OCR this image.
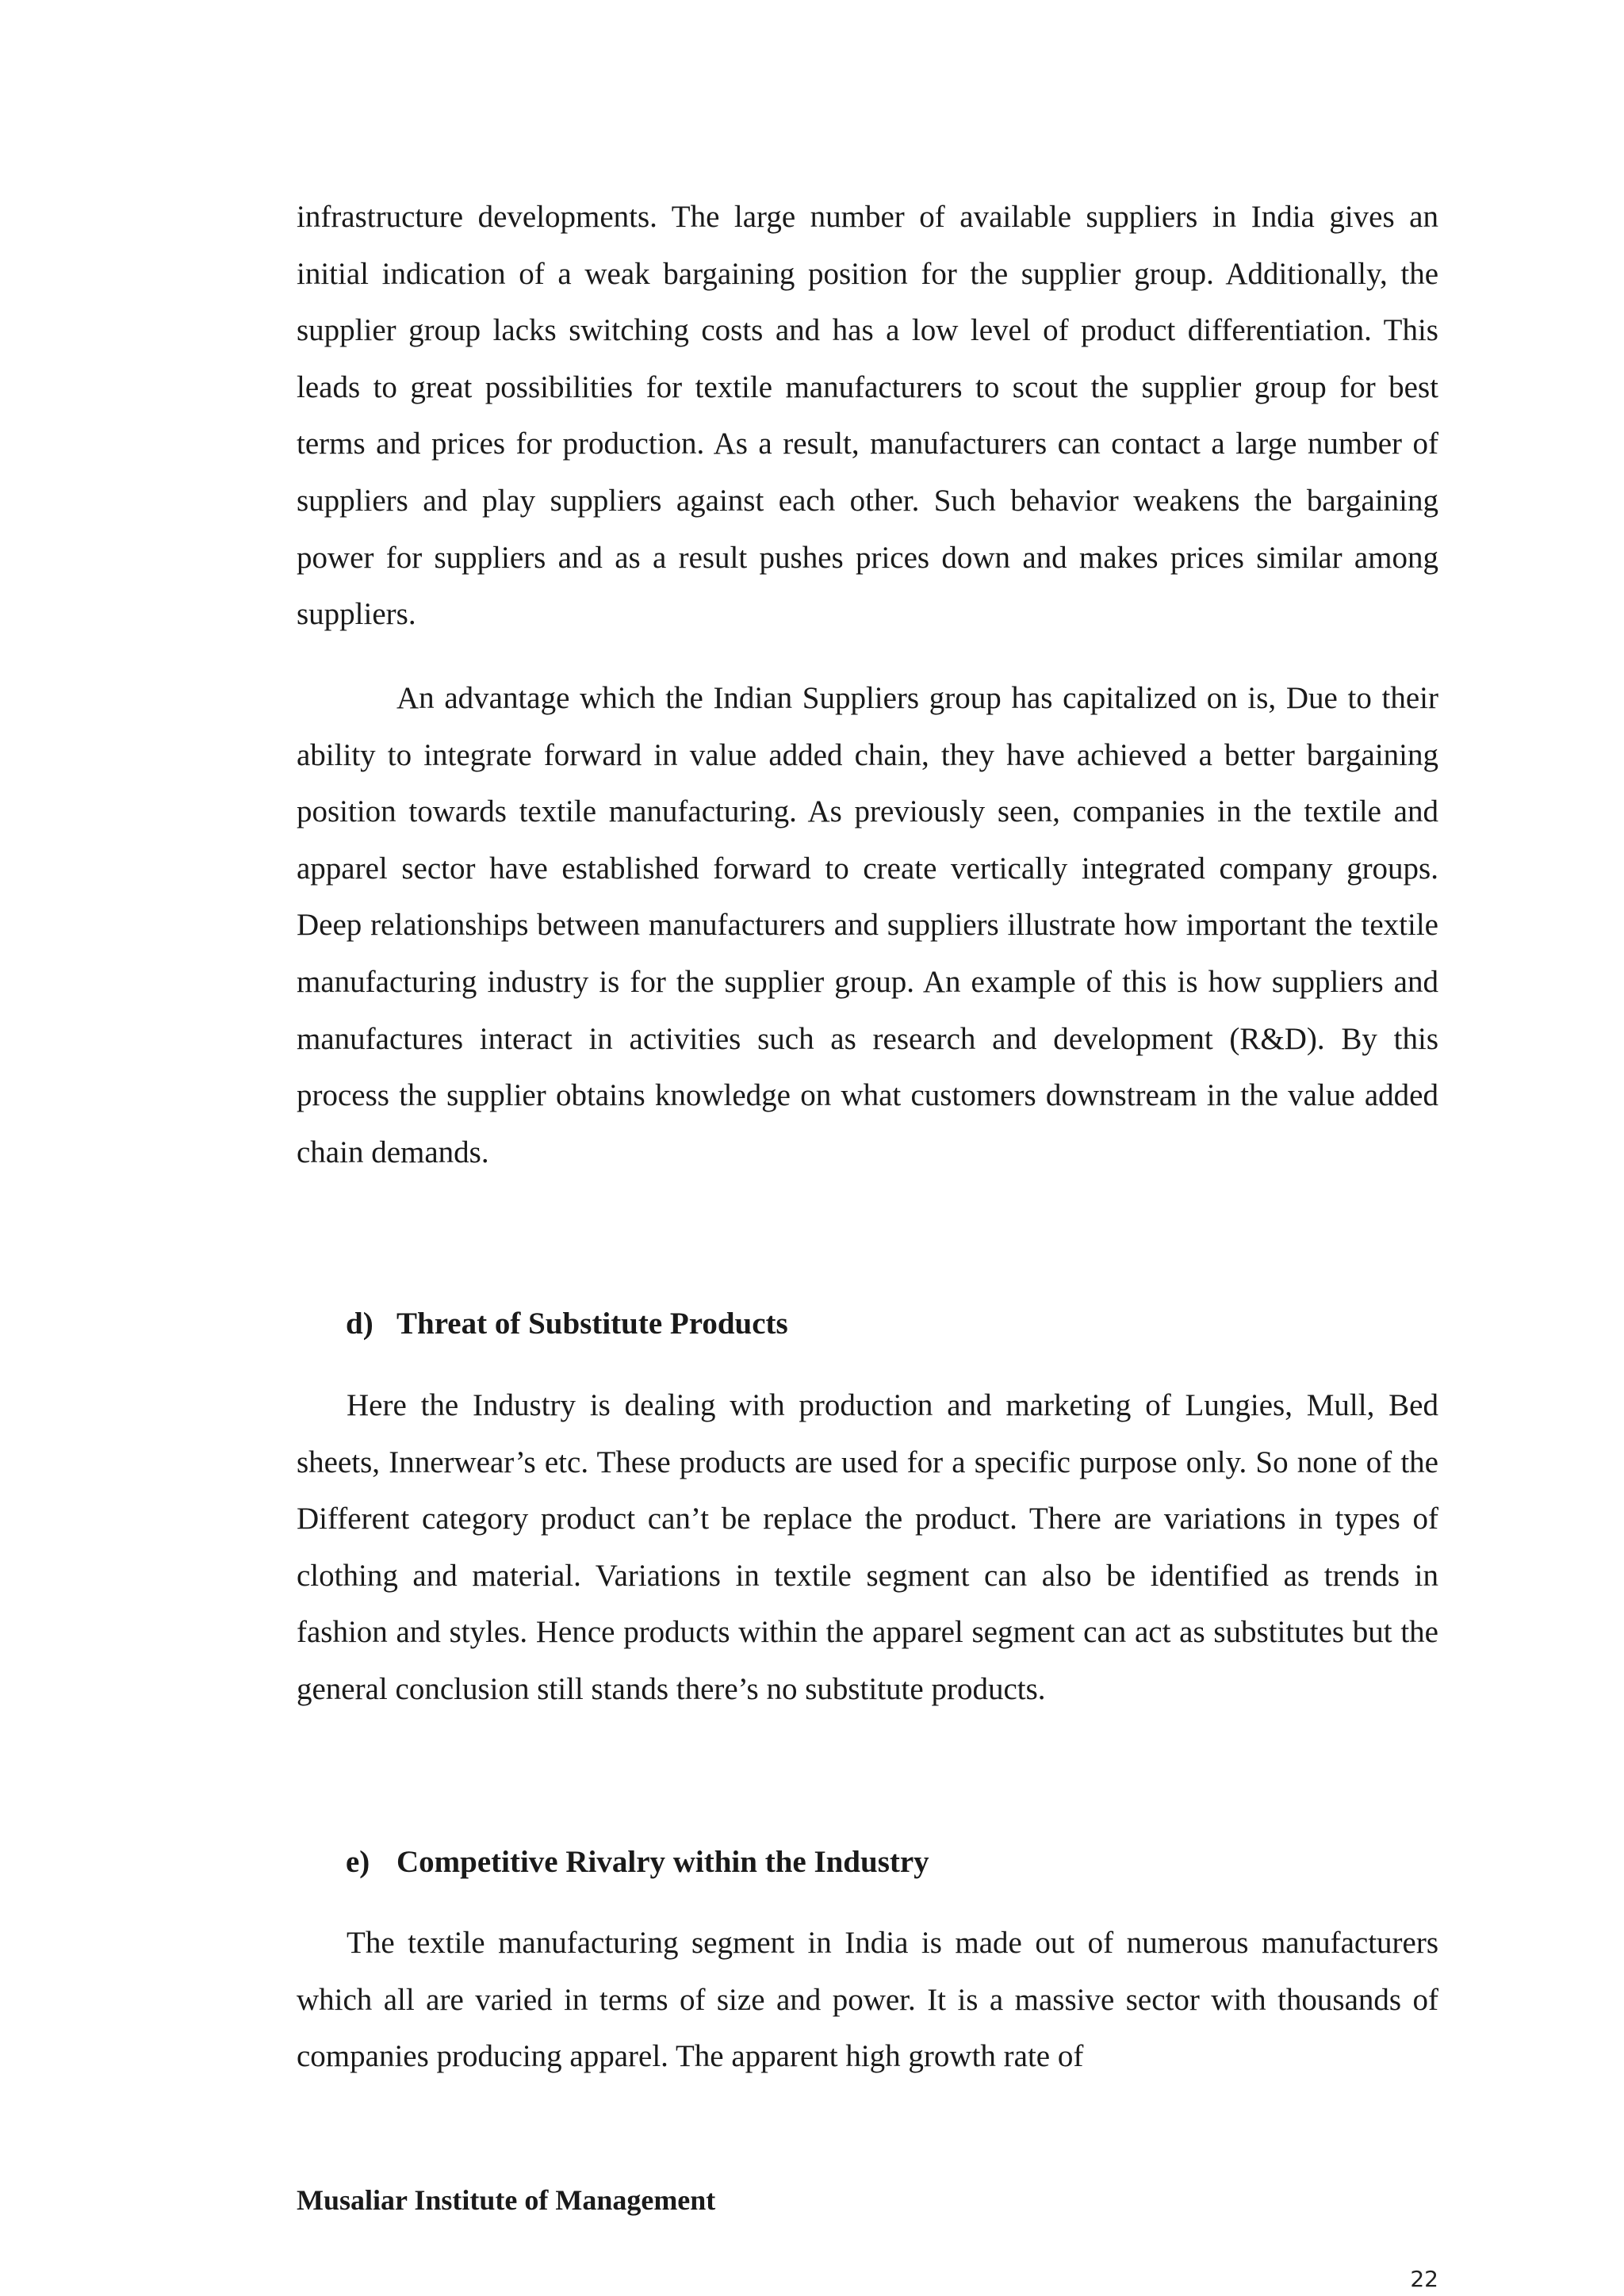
infrastructure developments. The large number of available suppliers in India gives an initial indication of a weak bargaining position for the supplier group. Additionally, the supplier group lacks switching costs and has a low level of product differentiation. This leads to great possibilities for textile manufacturers to scout the supplier group for best terms and prices for production. As a result, manufacturers can contact a large number of suppliers and play suppliers against each other. Such behavior weakens the bargaining power for suppliers and as a result pushes prices down and makes prices similar among suppliers.

An advantage which the Indian Suppliers group has capitalized on is, Due to their ability to integrate forward in value added chain, they have achieved a better bargaining position towards textile manufacturing. As previously seen, companies in the textile and apparel sector have established forward to create vertically integrated company groups. Deep relationships between manufacturers and suppliers illustrate how important the textile manufacturing industry is for the supplier group. An example of this is how suppliers and manufactures interact in activities such as research and development (R&D). By this process the supplier obtains knowledge on what customers downstream in the value added chain demands.

d) Threat of Substitute Products

Here the Industry is dealing with production and marketing of Lungies, Mull, Bed sheets, Innerwear’s etc. These products are used for a specific purpose only. So none of the Different category product can’t be replace the product. There are variations in types of clothing and material. Variations in textile segment can also be identified as trends in fashion and styles. Hence products within the apparel segment can act as substitutes but the general conclusion still stands there’s no substitute products.

e) Competitive Rivalry within the Industry

The textile manufacturing segment in India is made out of numerous manufacturers which all are varied in terms of size and power. It is a massive sector with thousands of companies producing apparel. The apparent high growth rate of

Musaliar Institute of Management

22
